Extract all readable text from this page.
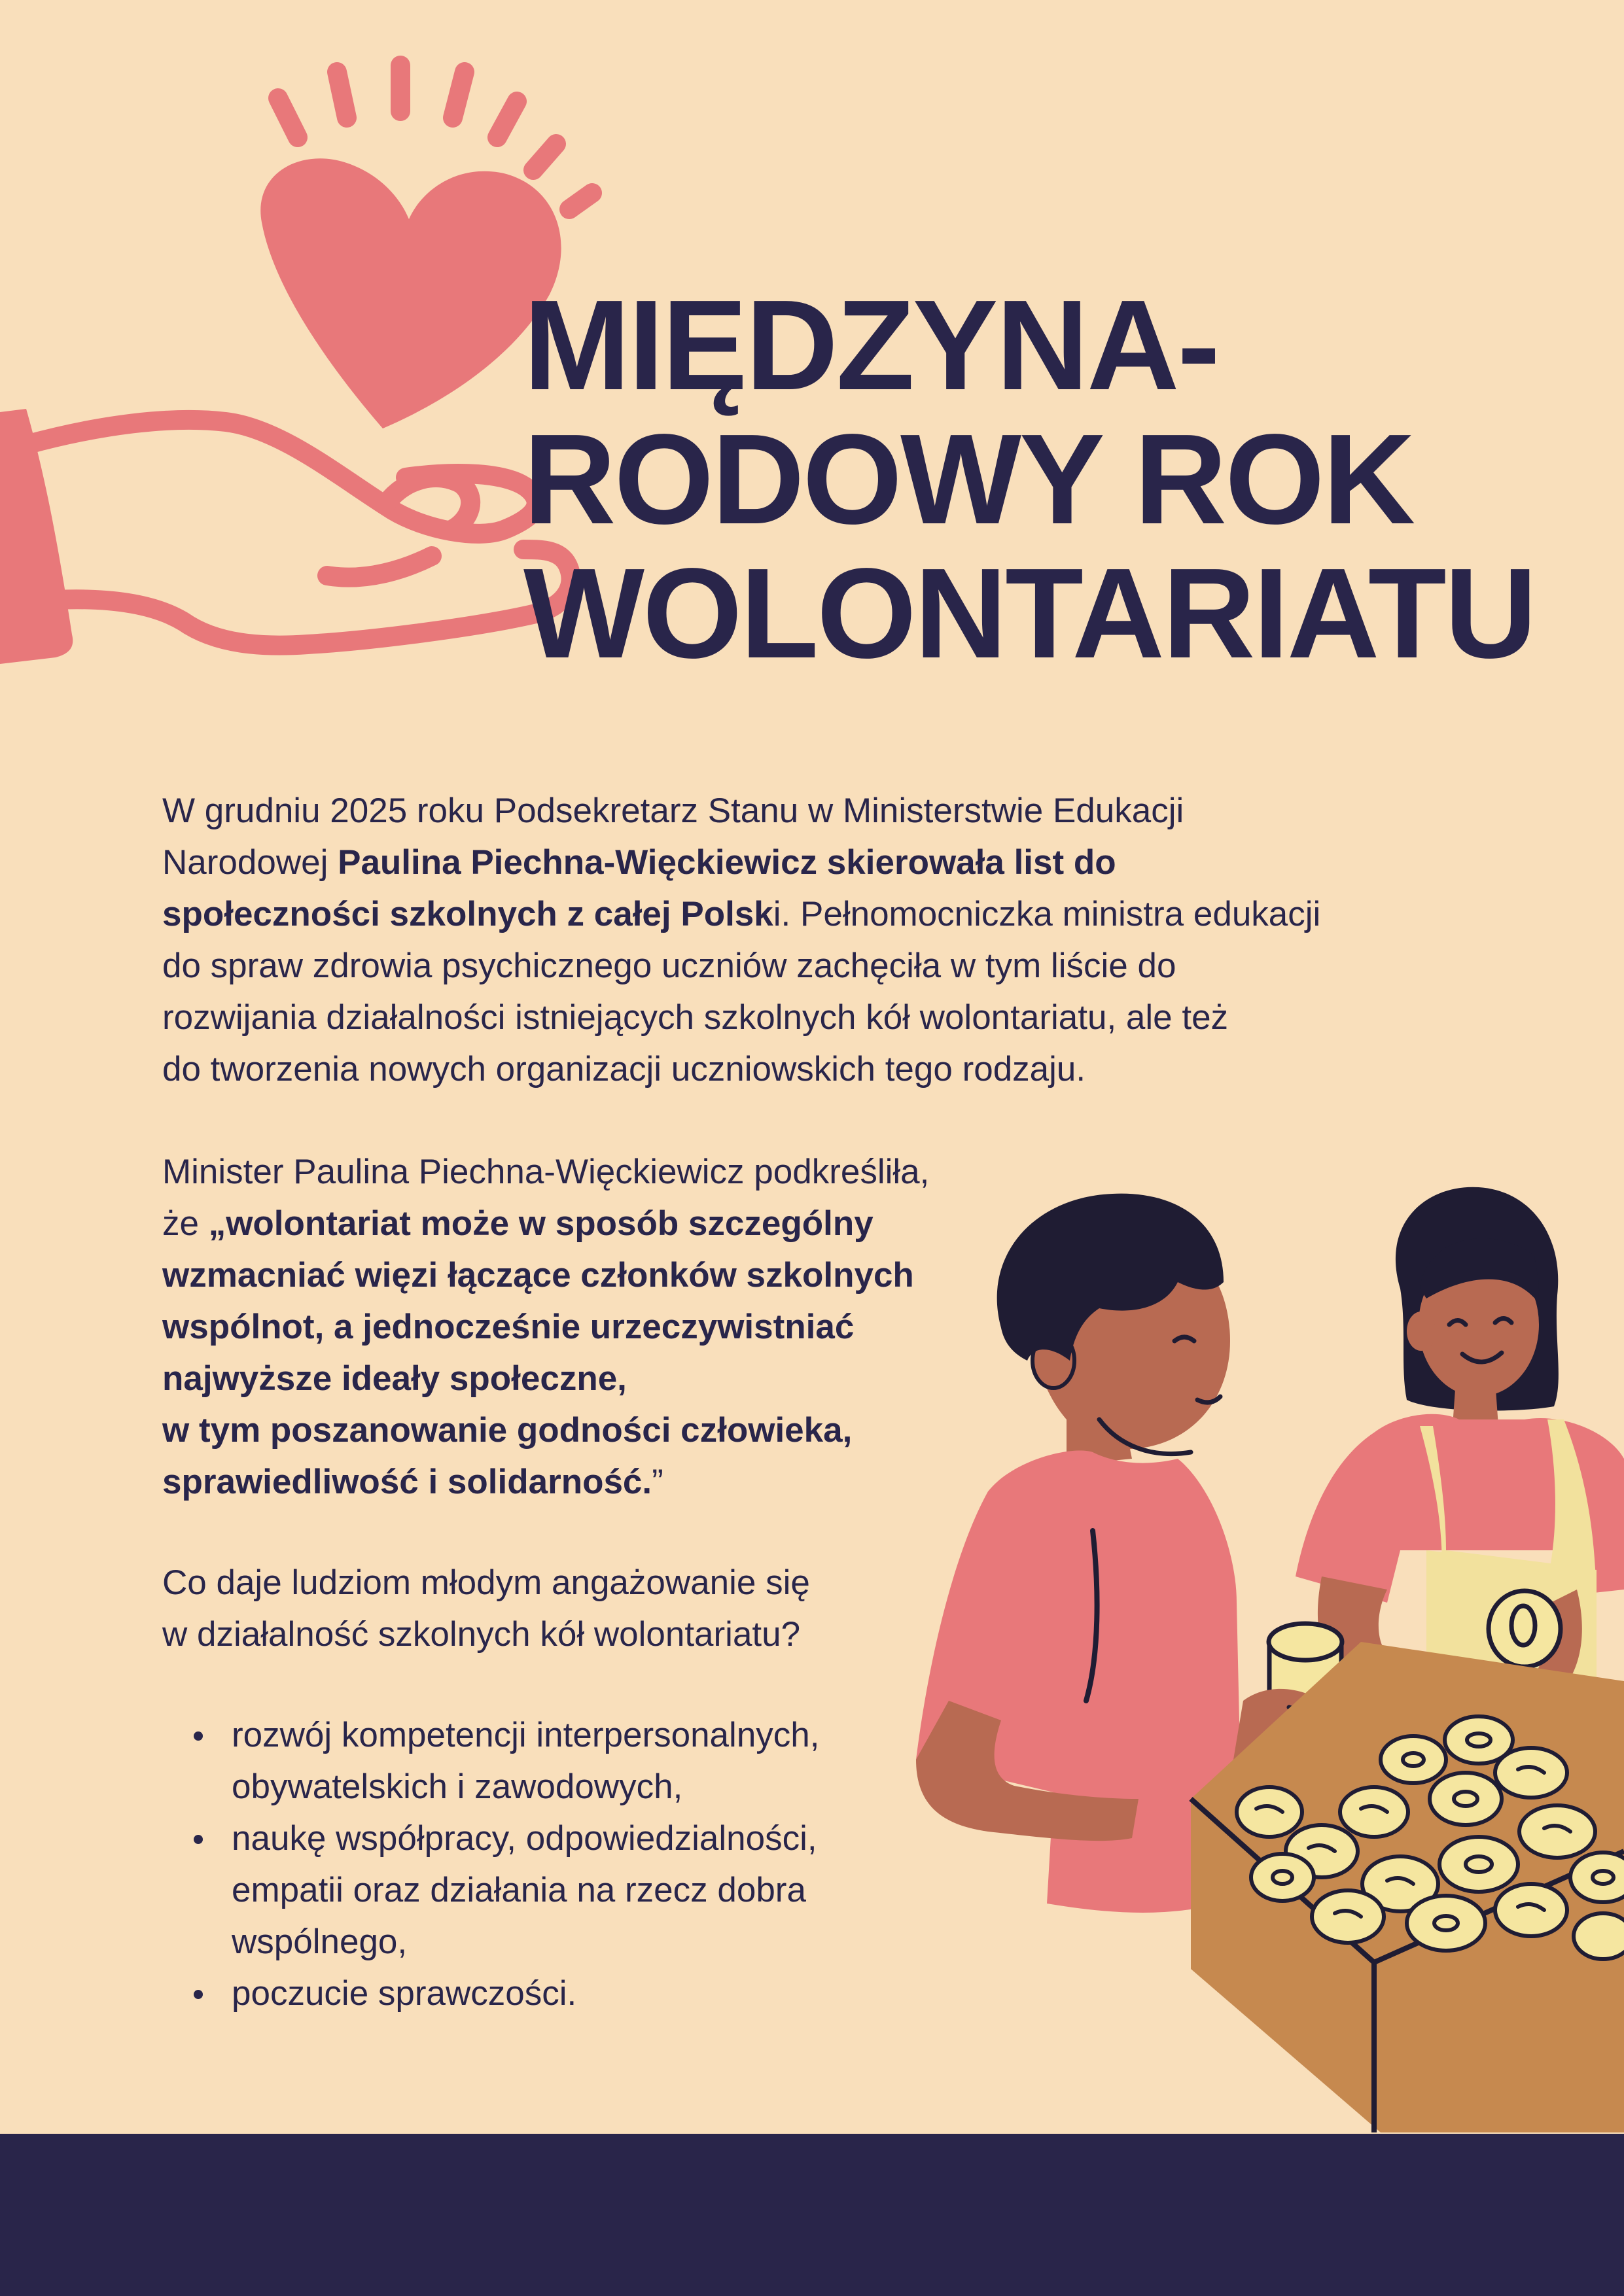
MIĘDZYNA-
RODOWY ROK
WOLONTARIATU
W grudniu 2025 roku Podsekretarz Stanu w Ministerstwie Edukacji
Narodowej Paulina Piechna-Więckiewicz skierowała list do
społeczności szkolnych z całej Polski. Pełnomocniczka ministra edukacji
do spraw zdrowia psychicznego uczniów zachęciła w tym liście do
rozwijania działalności istniejących szkolnych kół wolontariatu, ale też
do tworzenia nowych organizacji uczniowskich tego rodzaju.
Minister Paulina Piechna-Więckiewicz podkreśliła,
że „wolontariat może w sposób szczególny
wzmacniać więzi łączące członków szkolnych
wspólnot, a jednocześnie urzeczywistniać
najwyższe ideały społeczne,
w tym poszanowanie godności człowieka,
sprawiedliwość i solidarność.”
Co daje ludziom młodym angażowanie się
w działalność szkolnych kół wolontariatu?
rozwój kompetencji interpersonalnych,
obywatelskich i zawodowych,
naukę współpracy, odpowiedzialności,
empatii oraz działania na rzecz dobra
wspólnego,
poczucie sprawczości.
